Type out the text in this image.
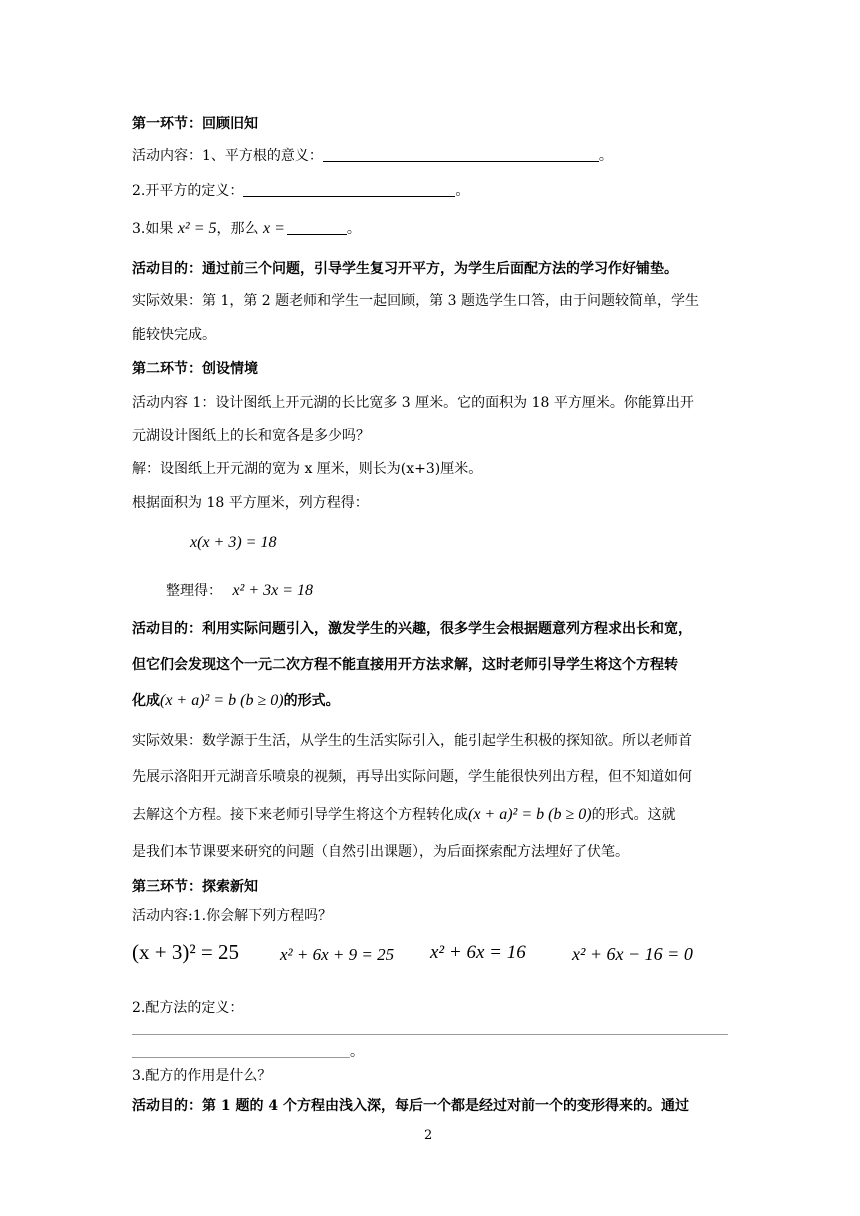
第一环节：回顾旧知
活动内容：1、平方根的意义：	。
2.开平方的定义：	。
3.如果 x² = 5，那么 x =	。
活动目的：通过前三个问题，引导学生复习开平方，为学生后面配方法的学习作好铺垫。
实际效果：第 1，第 2 题老师和学生一起回顾，第 3 题选学生口答，由于问题较简单，学生
能较快完成。
第二环节：创设情境
活动内容 1：设计图纸上开元湖的长比宽多 3 厘米。它的面积为 18 平方厘米。你能算出开
元湖设计图纸上的长和宽各是多少吗？
解：设图纸上开元湖的宽为 x 厘米，则长为(x+3)厘米。
根据面积为 18 平方厘米，列方程得：
x(x + 3) = 18
整理得： x² + 3x = 18
活动目的：利用实际问题引入，激发学生的兴趣，很多学生会根据题意列方程求出长和宽，
但它们会发现这个一元二次方程不能直接用开方法求解，这时老师引导学生将这个方程转
化成(x + a)² = b (b ≥ 0)的形式。
实际效果：数学源于生活，从学生的生活实际引入，能引起学生积极的探知欲。所以老师首
先展示洛阳开元湖音乐喷泉的视频，再导出实际问题，学生能很快列出方程，但不知道如何
去解这个方程。接下来老师引导学生将这个方程转化成(x + a)² = b (b ≥ 0)的形式。这就
是我们本节课要来研究的问题（自然引出课题），为后面探索配方法埋好了伏笔。
第三环节：探索新知
活动内容:1.你会解下列方程吗？
(x + 3)² = 25 x² + 6x + 9 = 25 x² + 6x = 16	x² + 6x − 16 = 0
2.配方法的定义：
。
3.配方的作用是什么？
活动目的：第 1 题的 4 个方程由浅入深，每后一个都是经过对前一个的变形得来的。通过
2
